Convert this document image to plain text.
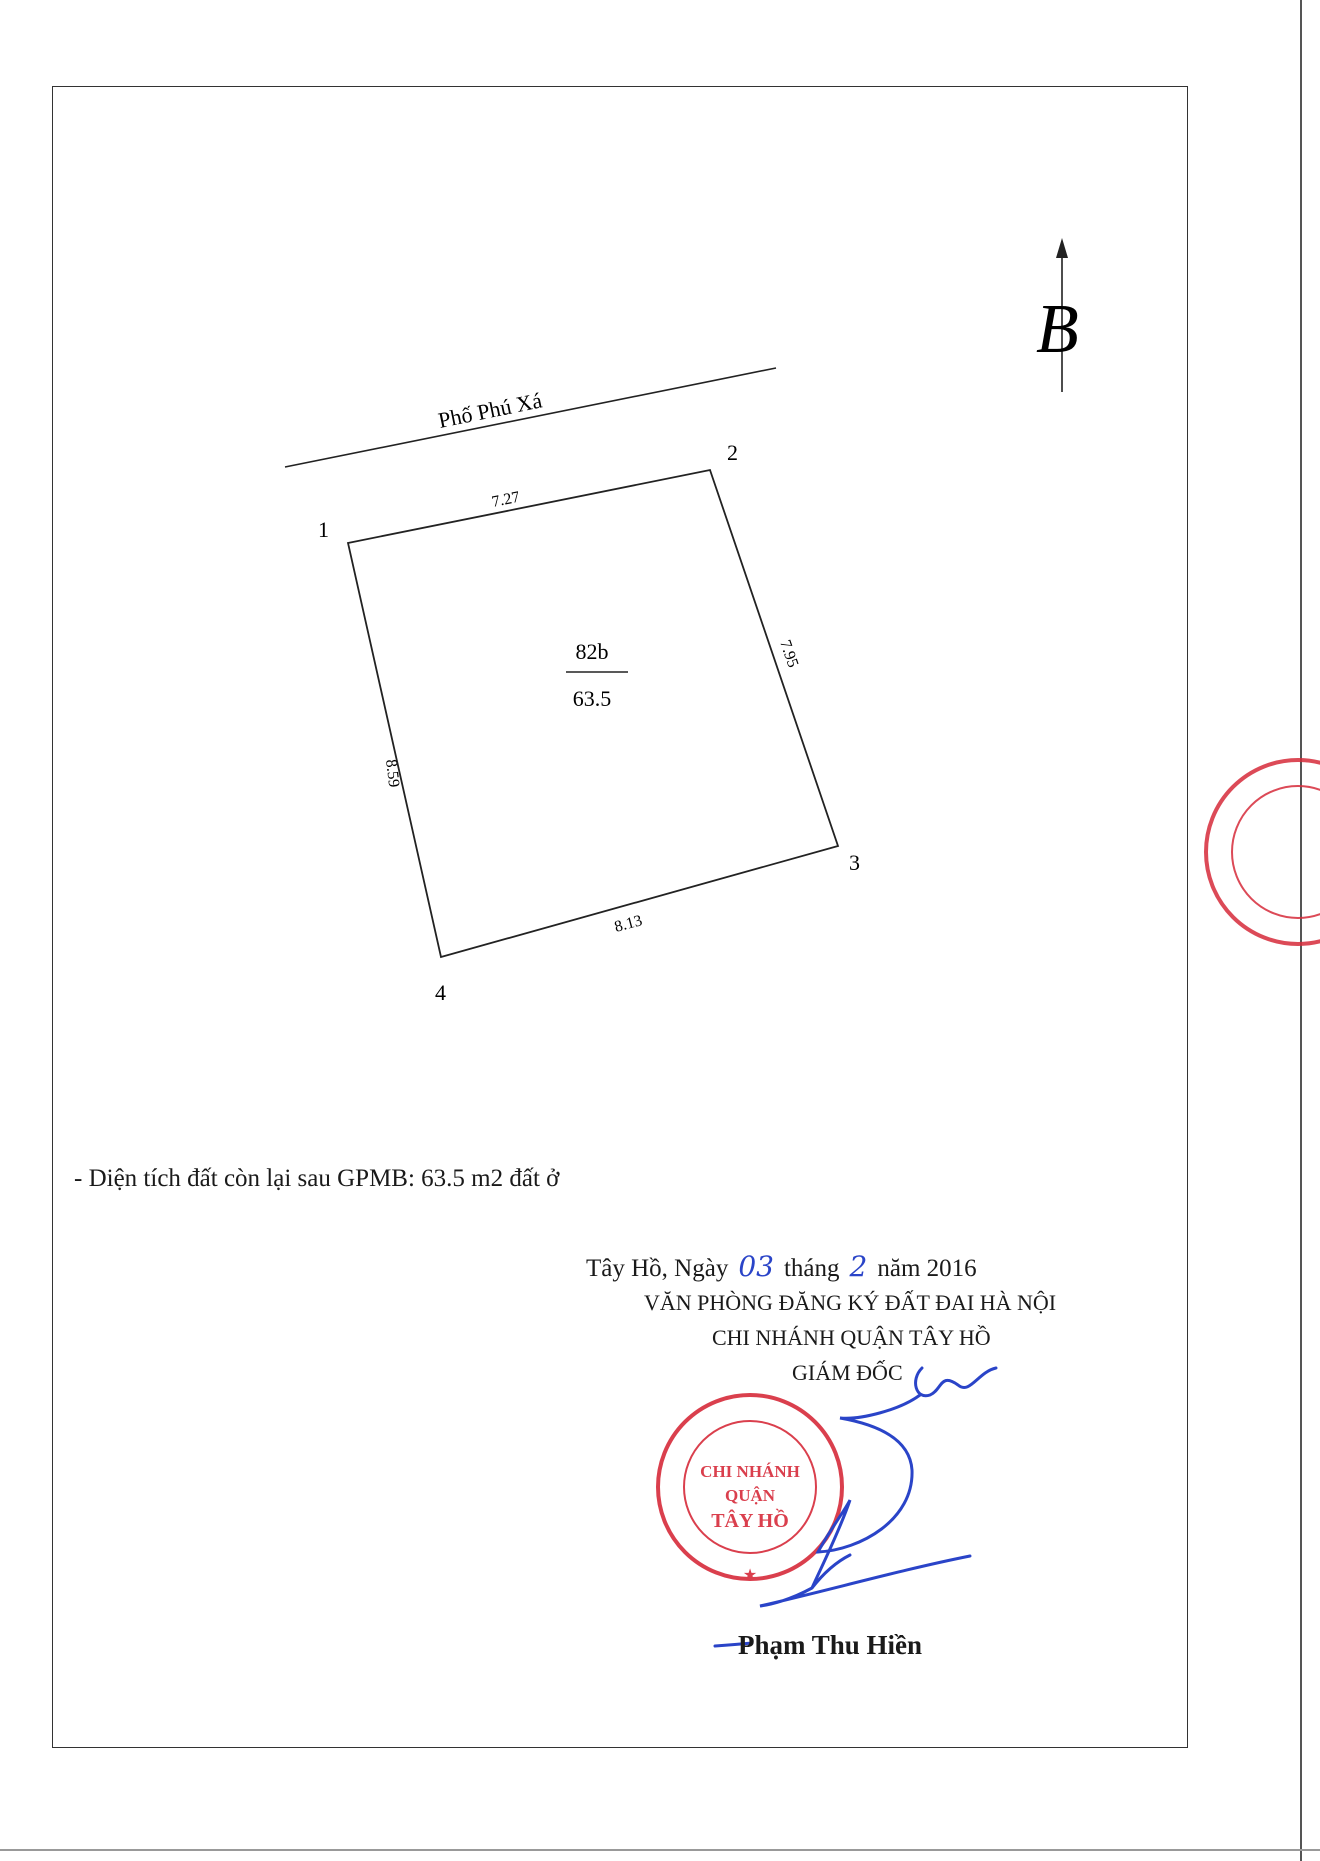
Phố Phú Xá
1
2
3
4
7.27
7.95
8.13
8.59
82b
63.5
B
CHI NHÁNH
QUẬN
TÂY HỒ
★
- Diện tích đất còn lại sau GPMB: 63.5 m2 đất ở
Tây Hồ, Ngày 03 tháng 2 năm 2016
VĂN PHÒNG ĐĂNG KÝ ĐẤT ĐAI HÀ NỘI
CHI NHÁNH QUẬN TÂY HỒ
GIÁM ĐỐC
Phạm Thu Hiền
